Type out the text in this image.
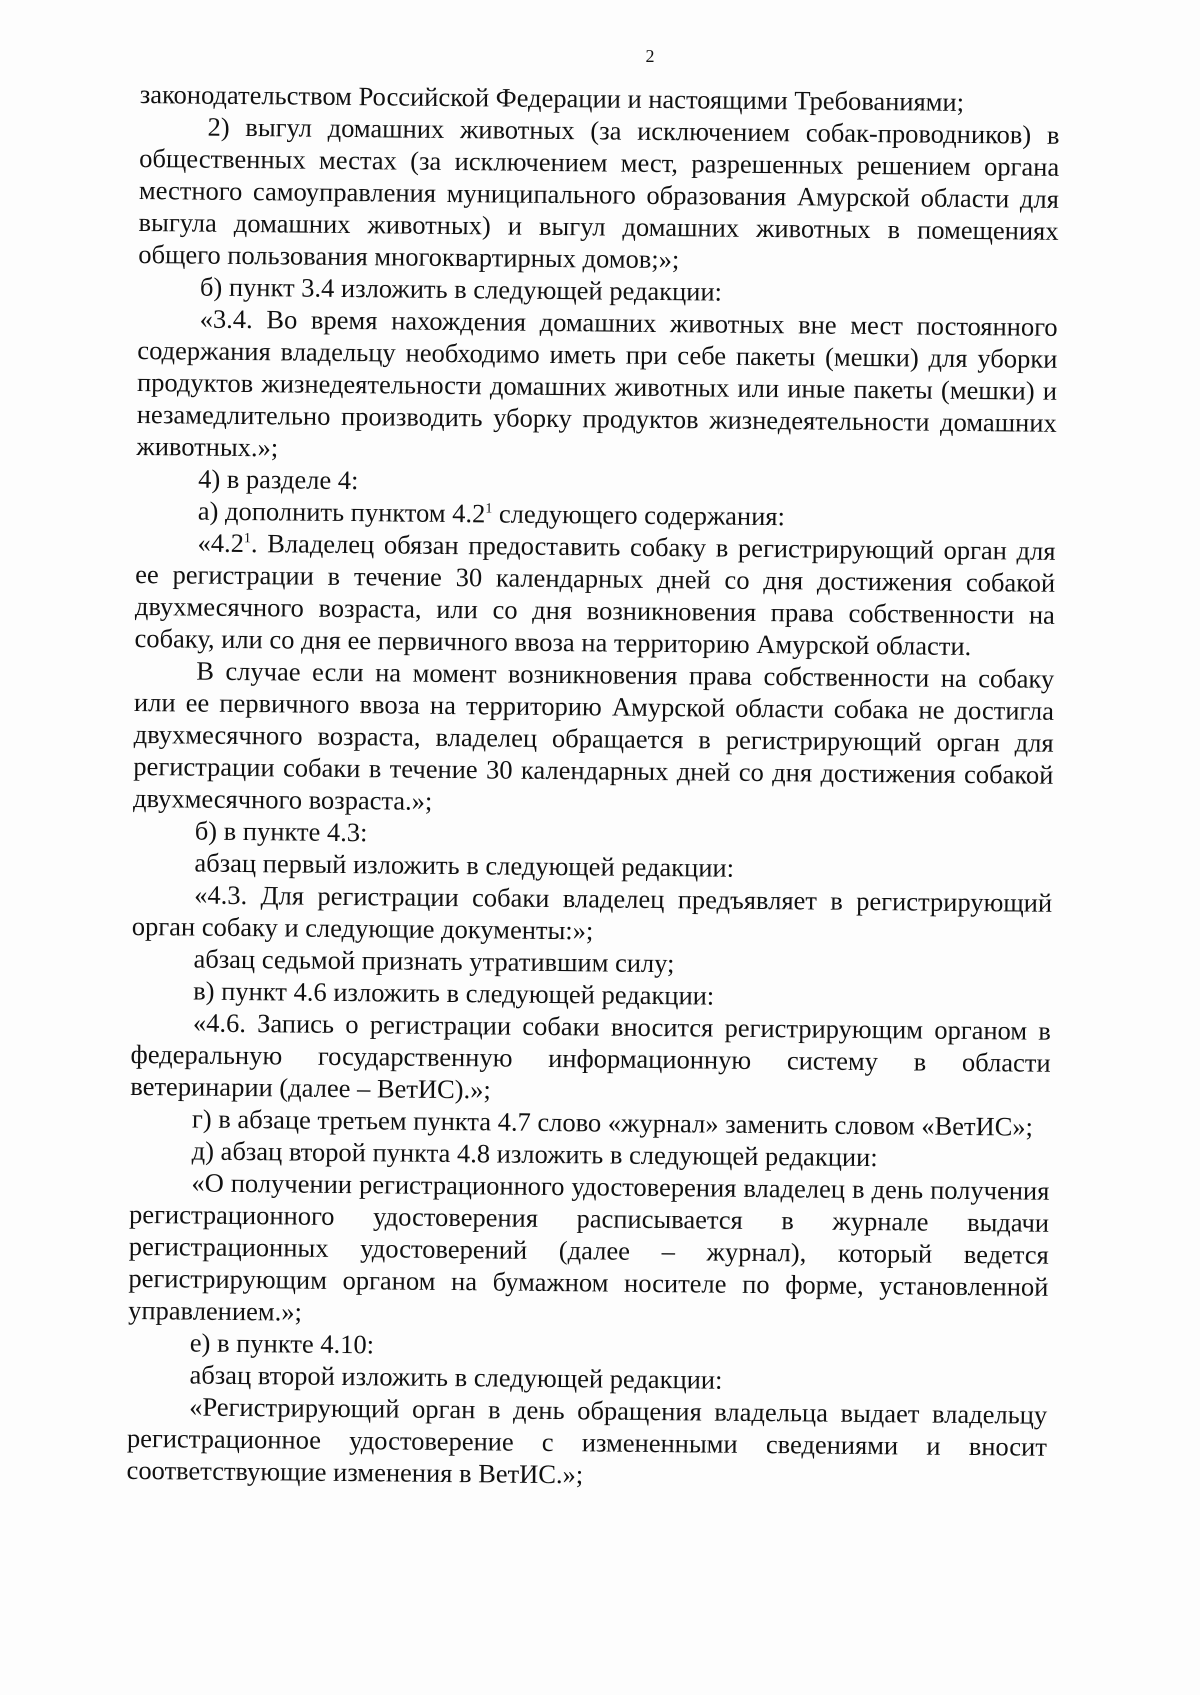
2

законодательством Российской Федерации и настоящими Требованиями;

2) выгул домашних животных (за исключением собак-проводников) в общественных местах (за исключением мест, разрешенных решением органа местного самоуправления муниципального образования Амурской области для выгула домашних животных) и выгул домашних животных в помещениях общего пользования многоквартирных домов;»;

б) пункт 3.4 изложить в следующей редакции:

«3.4. Во время нахождения домашних животных вне мест постоянного содержания владельцу необходимо иметь при себе пакеты (мешки) для уборки продуктов жизнедеятельности домашних животных или иные пакеты (мешки) и незамедлительно производить уборку продуктов жизнедеятельности домашних животных.»;

4) в разделе 4:

а) дополнить пунктом $4.2^1$ следующего содержания:

«$4.2^1$. Владелец обязан предоставить собаку в регистрирующий орган для ее регистрации в течение 30 календарных дней со дня достижения собакой двухмесячного возраста, или со дня возникновения права собственности на собаку, или со дня ее первичного ввоза на территорию Амурской области.

В случае если на момент возникновения права собственности на собаку или ее первичного ввоза на территорию Амурской области собака не достигла двухмесячного возраста, владелец обращается в регистрирующий орган для регистрации собаки в течение 30 календарных дней со дня достижения собакой двухмесячного возраста.»;

б) в пункте 4.3:

абзац первый изложить в следующей редакции:

«4.3. Для регистрации собаки владелец предъявляет в регистрирующий орган собаку и следующие документы:»;

абзац седьмой признать утратившим силу;

в) пункт 4.6 изложить в следующей редакции:

«4.6. Запись о регистрации собаки вносится регистрирующим органом в федеральную государственную информационную систему в области ветеринарии (далее – ВетИС).»;

г) в абзаце третьем пункта 4.7 слово «журнал» заменить словом «ВетИС»;

д) абзац второй пункта 4.8 изложить в следующей редакции:

«О получении регистрационного удостоверения владелец в день получения регистрационного удостоверения расписывается в журнале выдачи регистрационных удостоверений (далее – журнал), который ведется регистрирующим органом на бумажном носителе по форме, установленной управлением.»;

е) в пункте 4.10:

абзац второй изложить в следующей редакции:

«Регистрирующий орган в день обращения владельца выдает владельцу регистрационное удостоверение с измененными сведениями и вносит соответствующие изменения в ВетИС.»;
